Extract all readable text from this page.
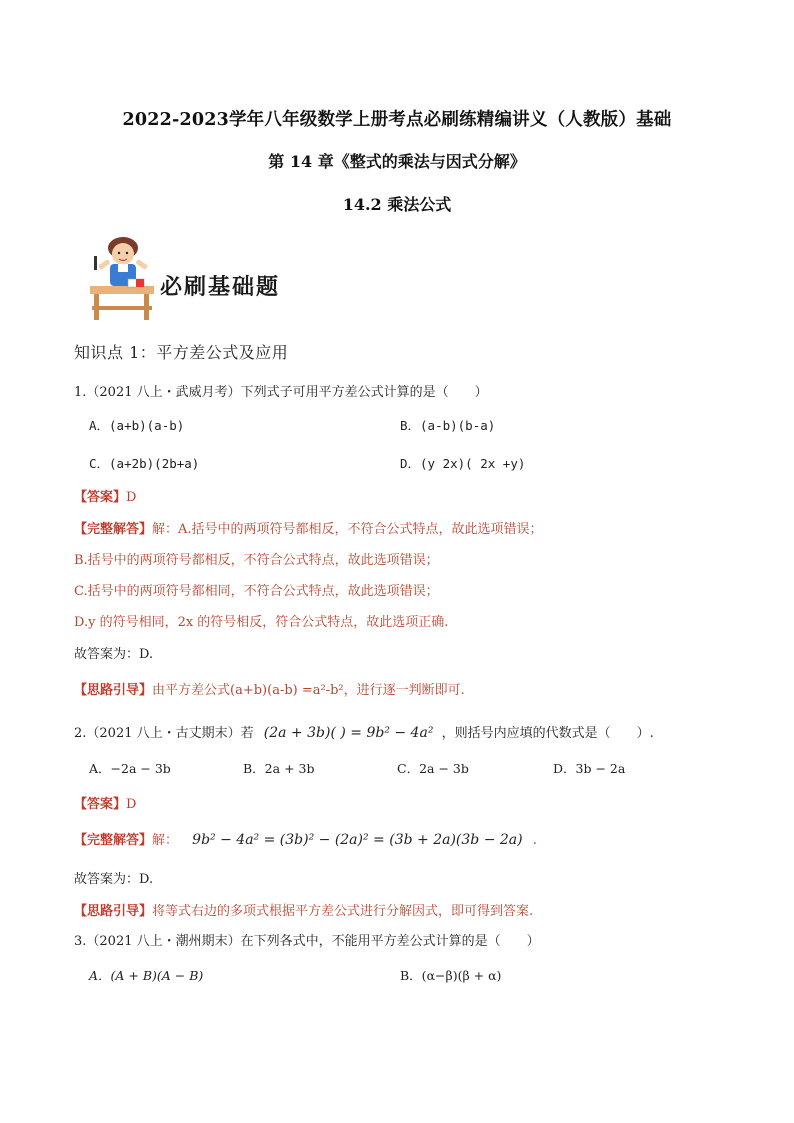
2022-2023学年八年级数学上册考点必刷练精编讲义（人教版）基础
第 14 章《整式的乘法与因式分解》
14.2 乘法公式
必刷基础题
知识点 1：平方差公式及应用
1.（2021 八上・武威月考）下列式子可用平方差公式计算的是（　　）
A．(a+b)(a-b)	B．(a-b)(b-a)
C．(a+2b)(2b+a)	D．(y 2x)( 2x +y)
【答案】D
【完整解答】解：A.括号中的两项符号都相反，不符合公式特点，故此选项错误；
B.括号中的两项符号都相反，不符合公式特点，故此选项错误；
C.括号中的两项符号都相同，不符合公式特点，故此选项错误；
D.y 的符号相同，2x 的符号相反，符合公式特点，故此选项正确.
故答案为：D.
【思路引导】由平方差公式(a+b)(a-b) =a²-b²，进行逐一判断即可.
2.（2021 八上・古丈期末）若 (2a + 3b)( ) = 9b² − 4a² ，则括号内应填的代数式是（　　）.
A．−2a − 3b	B．2a + 3b	C．2a − 3b	D．3b − 2a
【答案】D
【完整解答】解： 9b² − 4a² = (3b)² − (2a)² = (3b + 2a)(3b − 2a) .
故答案为：D.
【思路引导】将等式右边的多项式根据平方差公式进行分解因式，即可得到答案.
3.（2021 八上・潮州期末）在下列各式中，不能用平方差公式计算的是（　　）
A．(A + B)(A − B)	B．(α−β)(β + α)
